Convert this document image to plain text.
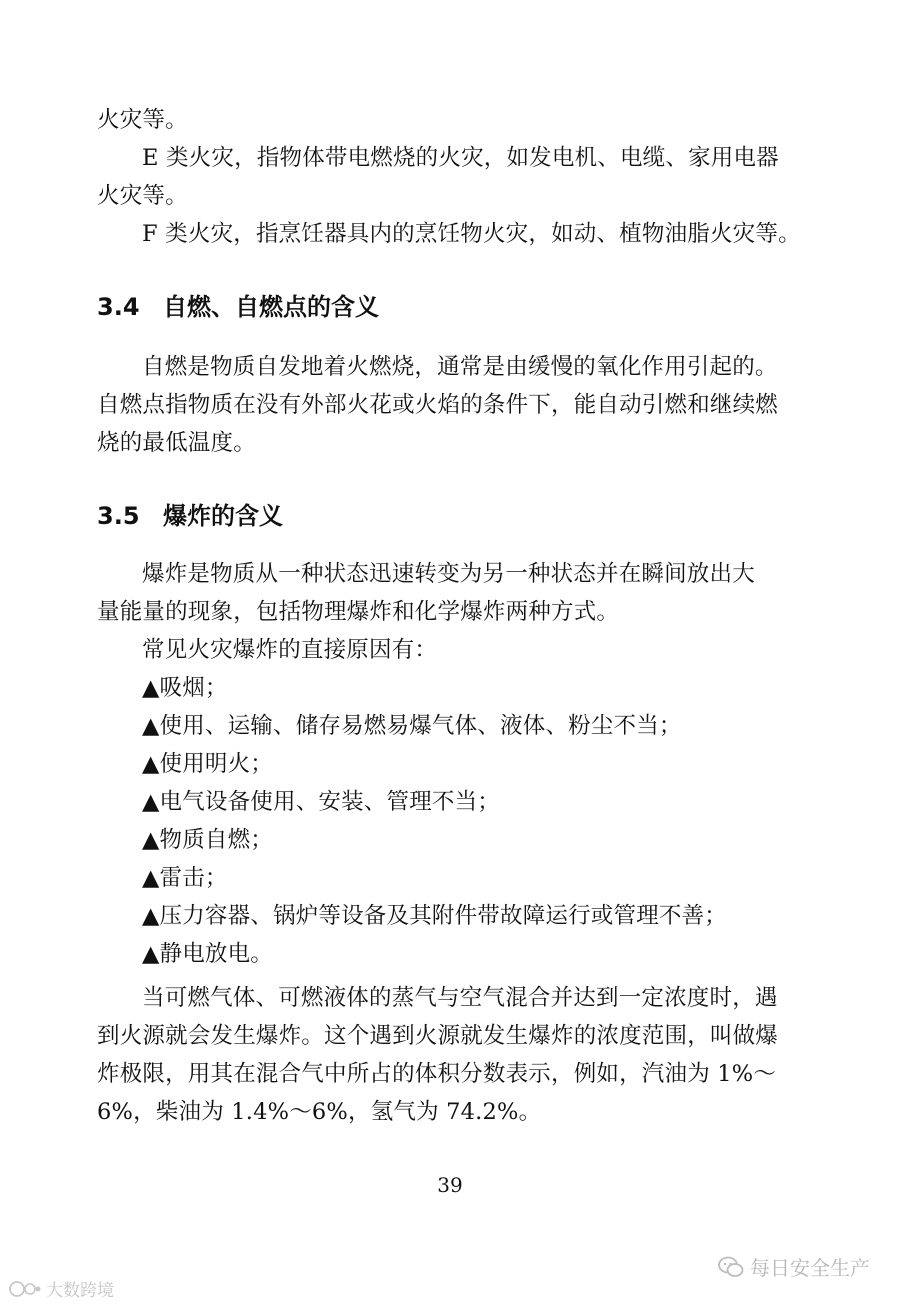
火灾等。
E 类火灾，指物体带电燃烧的火灾，如发电机、电缆、家用电器
火灾等。
F 类火灾，指烹饪器具内的烹饪物火灾，如动、植物油脂火灾等。
3.4 自燃、自燃点的含义
自燃是物质自发地着火燃烧，通常是由缓慢的氧化作用引起的。
自燃点指物质在没有外部火花或火焰的条件下，能自动引燃和继续燃
烧的最低温度。
3.5 爆炸的含义
爆炸是物质从一种状态迅速转变为另一种状态并在瞬间放出大
量能量的现象，包括物理爆炸和化学爆炸两种方式。
常见火灾爆炸的直接原因有：
▲吸烟；
▲使用、运输、储存易燃易爆气体、液体、粉尘不当；
▲使用明火；
▲电气设备使用、安装、管理不当；
▲物质自燃；
▲雷击；
▲压力容器、锅炉等设备及其附件带故障运行或管理不善；
▲静电放电。
当可燃气体、可燃液体的蒸气与空气混合并达到一定浓度时，遇
到火源就会发生爆炸。这个遇到火源就发生爆炸的浓度范围，叫做爆
炸极限，用其在混合气中所占的体积分数表示，例如，汽油为 1%～
6%，柴油为 1.4%～6%，氢气为 74.2%。
39
每日安全生产
大数跨境
